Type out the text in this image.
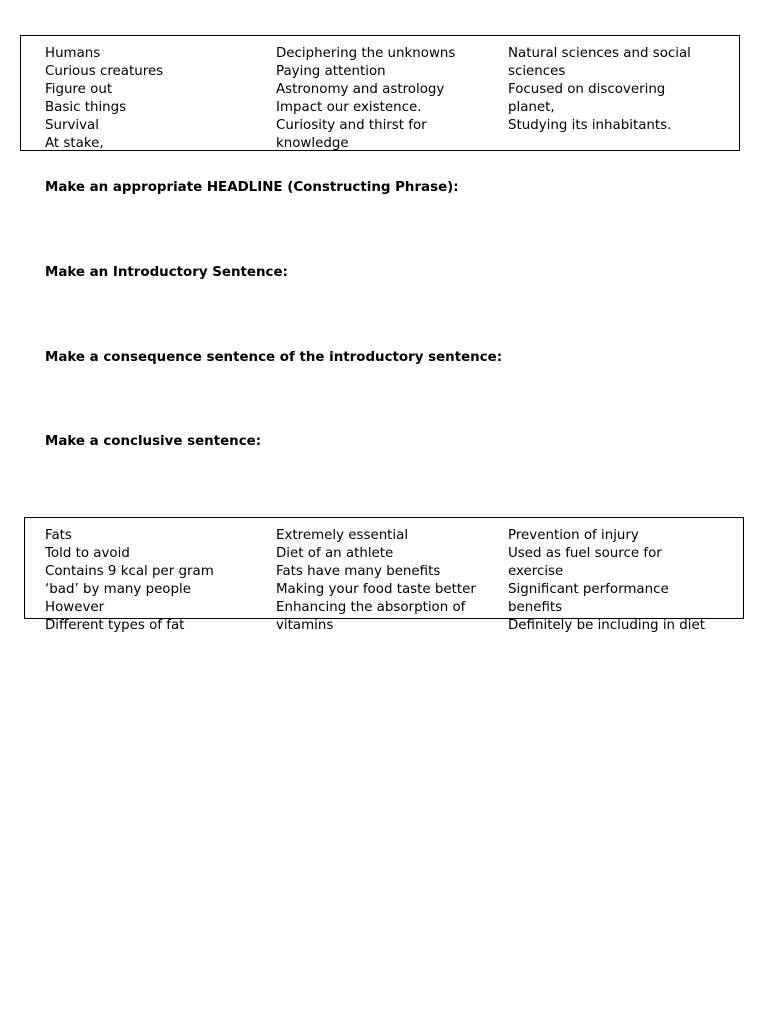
Humans
Curious creatures
Figure out
Basic things
Survival
At stake,
Deciphering the unknowns
Paying attention
Astronomy and astrology
Impact our existence.
Curiosity and thirst for
knowledge
Natural sciences and social
sciences
Focused on discovering
planet,
Studying its inhabitants.

Make an appropriate HEADLINE (Constructing Phrase):

Make an Introductory Sentence:

Make a consequence sentence of the introductory sentence:

Make a conclusive sentence:

Fats
Told to avoid
Contains 9 kcal per gram
‘bad’ by many people
However
Different types of fat
Extremely essential
Diet of an athlete
Fats have many benefits
Making your food taste better
Enhancing the absorption of
vitamins
Prevention of injury
Used as fuel source for
exercise
Significant performance
benefits
Definitely be including in diet
